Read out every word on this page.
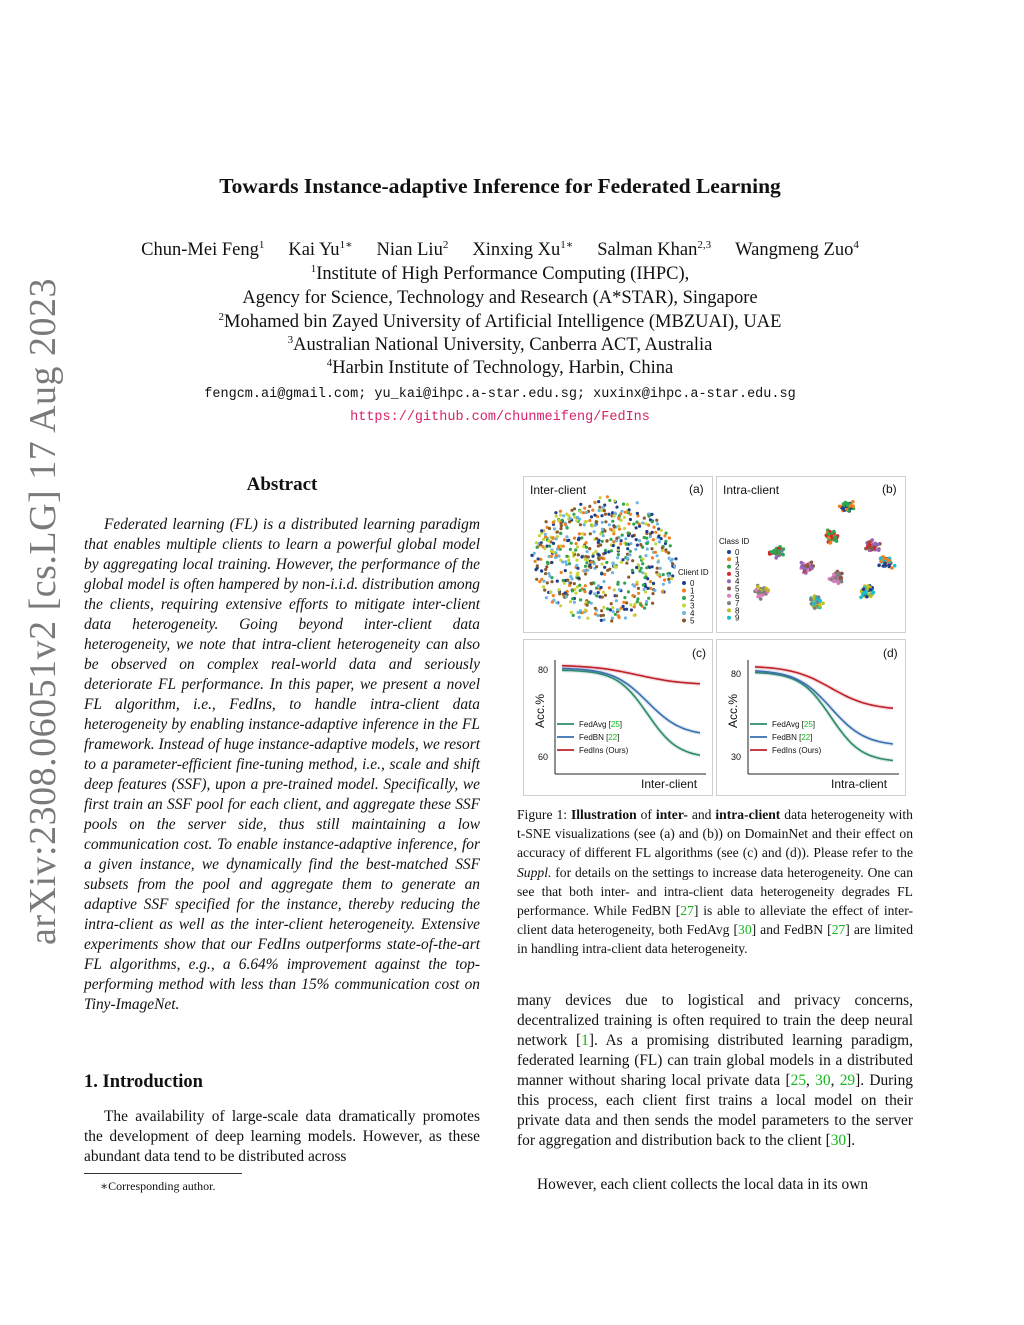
arXiv:2308.06051v2 [cs.LG] 17 Aug 2023
Towards Instance-adaptive Inference for Federated Learning
Chun-Mei Feng$^1$ Kai $Yu^{1∗}$ Nian Liu$^2$ Xinxing $Xu^{1∗}$ Salman Khan$^{2,3}$ Wangmeng Zuo$^4$
$^1$Institute of High Performance Computing (IHPC),
Agency for Science, Technology and Research (A*STAR), Singapore
$^2$Mohamed bin Zayed University of Artificial Intelligence (MBZUAI), UAE
$^3$Australian National University, Canberra ACT, Australia
$^4$Harbin Institute of Technology, Harbin, China
fengcm.ai@gmail.com; yu_kai@ihpc.a-star.edu.sg; xuxinx@ihpc.a-star.edu.sg
https://github.com/chunmeifeng/FedIns
Abstract
Federated learning (FL) is a distributed learning paradigm that enables multiple clients to learn a powerful global model by aggregating local training. However, the performance of the global model is often hampered by non-i.i.d. distribution among the clients, requiring extensive efforts to mitigate inter-client data heterogeneity. Going beyond inter-client data heterogeneity, we note that intra-client heterogeneity can also be observed on complex real-world data and seriously deteriorate FL performance. In this paper, we present a novel FL algorithm, i.e., FedIns, to handle intra-client data heterogeneity by enabling instance-adaptive inference in the FL framework. Instead of huge instance-adaptive models, we resort to a parameter-efficient fine-tuning method, i.e., scale and shift deep features (SSF), upon a pre-trained model. Specifically, we first train an SSF pool for each client, and aggregate these SSF pools on the server side, thus still maintaining a low communication cost. To enable instance-adaptive inference, for a given instance, we dynamically find the best-matched SSF subsets from the pool and aggregate them to generate an adaptive SSF specified for the instance, thereby reducing the intra-client as well as the inter-client heterogeneity. Extensive experiments show that our FedIns outperforms state-of-the-art FL algorithms, e.g., a 6.64% improvement against the top-performing method with less than 15% communication cost on Tiny-ImageNet.
1. Introduction
The availability of large-scale data dramatically promotes the development of deep learning models. However, as these abundant data tend to be distributed across
∗Corresponding author.
Inter-client	(a)
Client ID
0
1
2
3
4
5
Intra-client	(b)
Class ID
0
1
2
3
4
5
6
7
8
9
(c)
80
60
Inter-client
Acc.%	FedAvg [25]
FedBN [22]
FedIns (Ours)
(d)
80
30
Intra-client
Acc.%	FedAvg [25]
FedBN [22]
FedIns (Ours)
Figure 1: Illustration of inter- and intra-client data heterogeneity with t-SNE visualizations (see (a) and (b)) on DomainNet and their effect on accuracy of different FL algorithms (see (c) and (d)). Please refer to the Suppl. for details on the settings to increase data heterogeneity. One can see that both inter- and intra-client data heterogeneity degrades FL performance. While FedBN [27] is able to alleviate the effect of inter-client data heterogeneity, both FedAvg [30] and FedBN [27] are limited in handling intra-client data heterogeneity.
many devices due to logistical and privacy concerns, decentralized training is often required to train the deep neural network [1]. As a promising distributed learning paradigm, federated learning (FL) can train global models in a distributed manner without sharing local private data [25, 30, 29]. During this process, each client first trains a local model on their private data and then sends the model parameters to the server for aggregation and distribution back to the client [30].
However, each client collects the local data in its own
